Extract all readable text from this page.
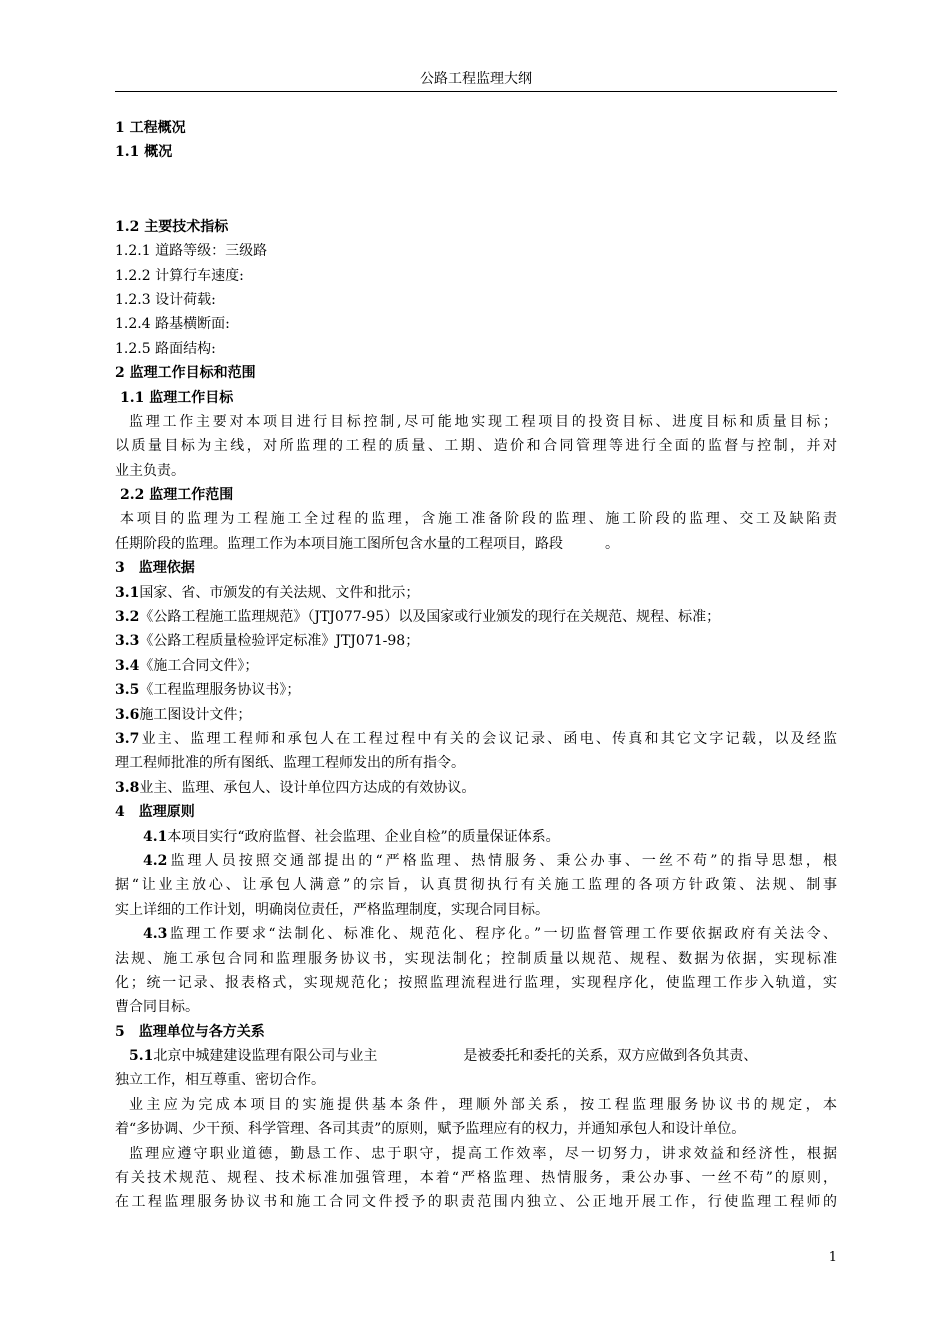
公路工程监理大纲
1 工程概况
1.1 概况
1.2 主要技术指标
1.2.1 道路等级：三级路
1.2.2 计算行车速度:
1.2.3 设计荷载:
1.2.4 路基横断面:
1.2.5 路面结构:
2 监理工作目标和范围
1.1 监理工作目标
监理工作主要对本项目进行目标控制,尽可能地实现工程项目的投资目标、进度目标和质量目标；
以质量目标为主线，对所监理的工程的质量、工期、造价和合同管理等进行全面的监督与控制，并对
业主负责。
2.2 监理工作范围
本项目的监理为工程施工全过程的监理，含施工准备阶段的监理、施工阶段的监理、交工及缺陷责
任期阶段的监理。监理工作为本项目施工图所包含水量的工程项目，路段	。
3　监理依据
3.1国家、省、市颁发的有关法规、文件和批示；
3.2《公路工程施工监理规范》（JTJ077-95）以及国家或行业颁发的现行在关规范、规程、标准；
3.3《公路工程质量检验评定标准》JTJ071-98；
3.4《施工合同文件》；
3.5《工程监理服务协议书》；
3.6施工图设计文件；
3.7业主、监理工程师和承包人在工程过程中有关的会议记录、函电、传真和其它文字记载，以及经监
理工程师批准的所有图纸、监理工程师发出的所有指令。
3.8业主、监理、承包人、设计单位四方达成的有效协议。
4　监理原则
4.1本项目实行“政府监督、社会监理、企业自检”的质量保证体系。
4.2监理人员按照交通部提出的“严格监理、热情服务、秉公办事、一丝不苟”的指导思想，根
据“让业主放心、让承包人满意”的宗旨，认真贯彻执行有关施工监理的各项方针政策、法规、制事
实上详细的工作计划，明确岗位责任，严格监理制度，实现合同目标。
4.3监理工作要求“法制化、标准化、规范化、程序化。”一切监督管理工作要依据政府有关法令、
法规、施工承包合同和监理服务协议书，实现法制化；控制质量以规范、规程、数据为依据，实现标准
化；统一记录、报表格式，实现规范化；按照监理流程进行监理，实现程序化，使监理工作步入轨道，实
曹合同目标。
5　监理单位与各方关系
5.1北京中城建建设监理有限公司与业主	是被委托和委托的关系，双方应做到各负其责、
独立工作，相互尊重、密切合作。
业主应为完成本项目的实施提供基本条件，理顺外部关系，按工程监理服务协议书的规定，本
着“多协调、少干预、科学管理、各司其责”的原则，赋予监理应有的权力，并通知承包人和设计单位。
监理应遵守职业道德，勤恳工作、忠于职守，提高工作效率，尽一切努力，讲求效益和经济性，根据
有关技术规范、规程、技术标准加强管理，本着“严格监理、热情服务，秉公办事、一丝不苟”的原则，
在工程监理服务协议书和施工合同文件授予的职责范围内独立、公正地开展工作，行使监理工程师的
1
